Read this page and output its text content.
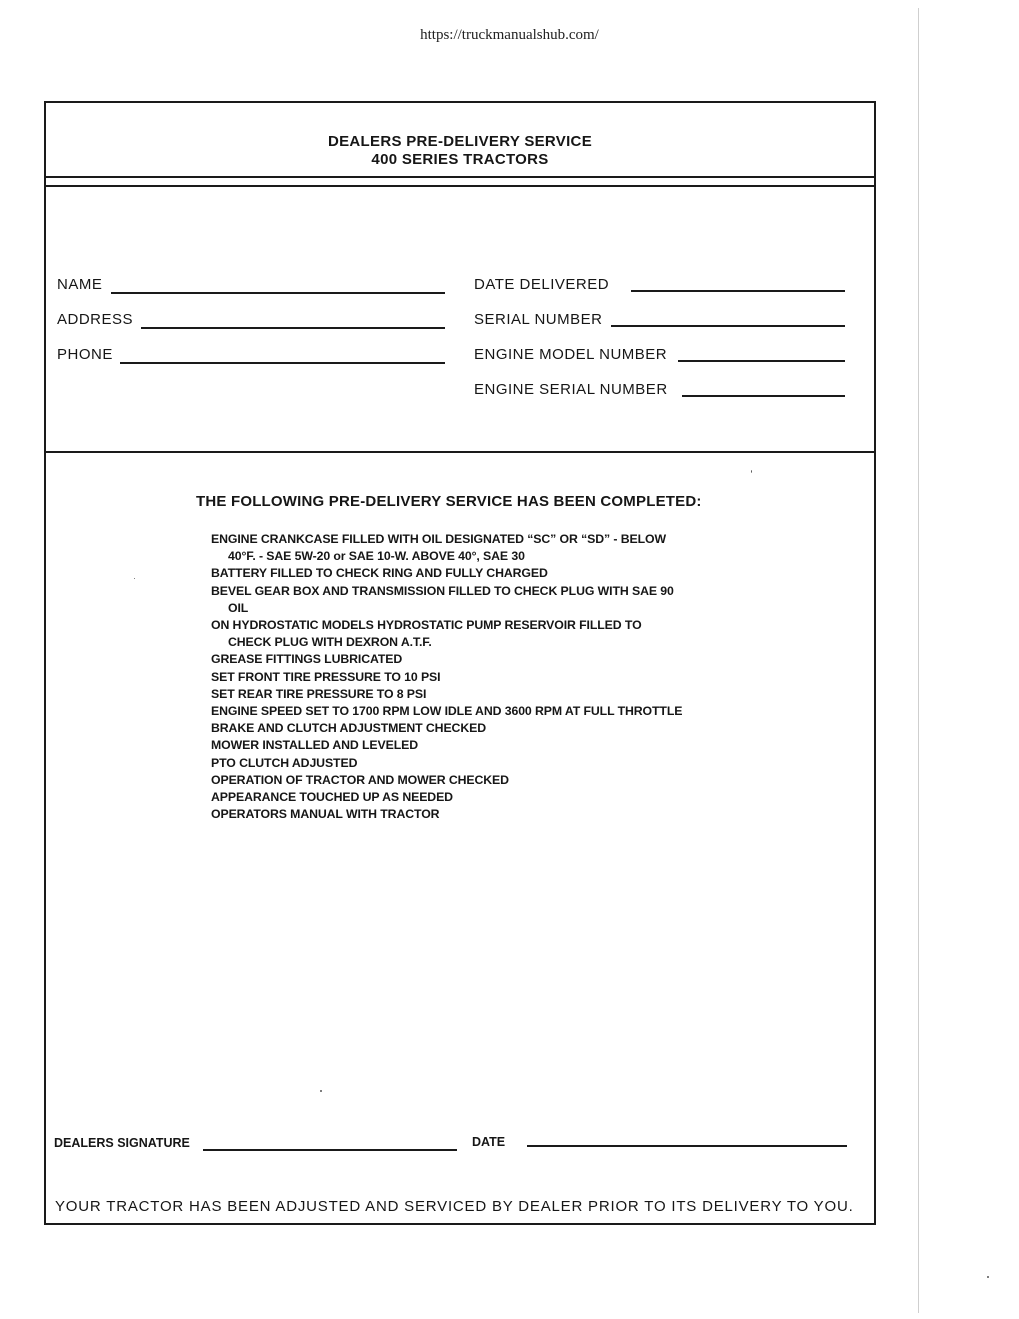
https://truckmanualshub.com/
DEALERS PRE-DELIVERY SERVICE
400 SERIES TRACTORS
NAME
ADDRESS
PHONE
DATE DELIVERED
SERIAL NUMBER
ENGINE MODEL NUMBER
ENGINE SERIAL NUMBER
THE FOLLOWING PRE-DELIVERY SERVICE HAS BEEN COMPLETED:
ENGINE CRANKCASE FILLED WITH OIL DESIGNATED “SC” OR “SD” - BELOW
40°F. - SAE 5W-20 or SAE 10-W. ABOVE 40°, SAE 30
BATTERY FILLED TO CHECK RING AND FULLY CHARGED
BEVEL GEAR BOX AND TRANSMISSION FILLED TO CHECK PLUG WITH SAE 90
OIL
ON HYDROSTATIC MODELS HYDROSTATIC PUMP RESERVOIR FILLED TO
CHECK PLUG WITH DEXRON A.T.F.
GREASE FITTINGS LUBRICATED
SET FRONT TIRE PRESSURE TO 10 PSI
SET REAR TIRE PRESSURE TO 8 PSI
ENGINE SPEED SET TO 1700 RPM LOW IDLE AND 3600 RPM AT FULL THROTTLE
BRAKE AND CLUTCH ADJUSTMENT CHECKED
MOWER INSTALLED AND LEVELED
PTO CLUTCH ADJUSTED
OPERATION OF TRACTOR AND MOWER CHECKED
APPEARANCE TOUCHED UP AS NEEDED
OPERATORS MANUAL WITH TRACTOR
DEALERS SIGNATURE	DATE
YOUR TRACTOR HAS BEEN ADJUSTED AND SERVICED BY DEALER PRIOR TO ITS DELIVERY TO YOU.
